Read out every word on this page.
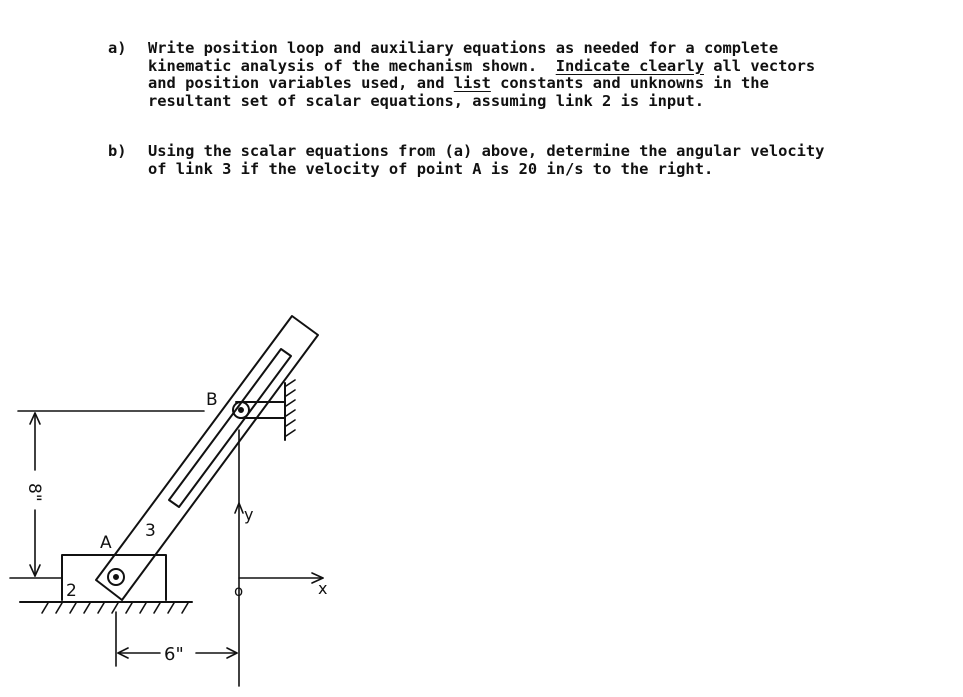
a)	Write position loop and auxiliary equations as needed for a complete
kinematic analysis of the mechanism shown. Indicate clearly all vectors
and position variables used, and list constants and unknowns in the
resultant set of scalar equations, assuming link 2 is input.
b)	Using the scalar equations from (a) above, determine the angular velocity
of link 3 if the velocity of point A is 20 in/s to the right.
B
A
3
2
8"
6"
y
x
o
